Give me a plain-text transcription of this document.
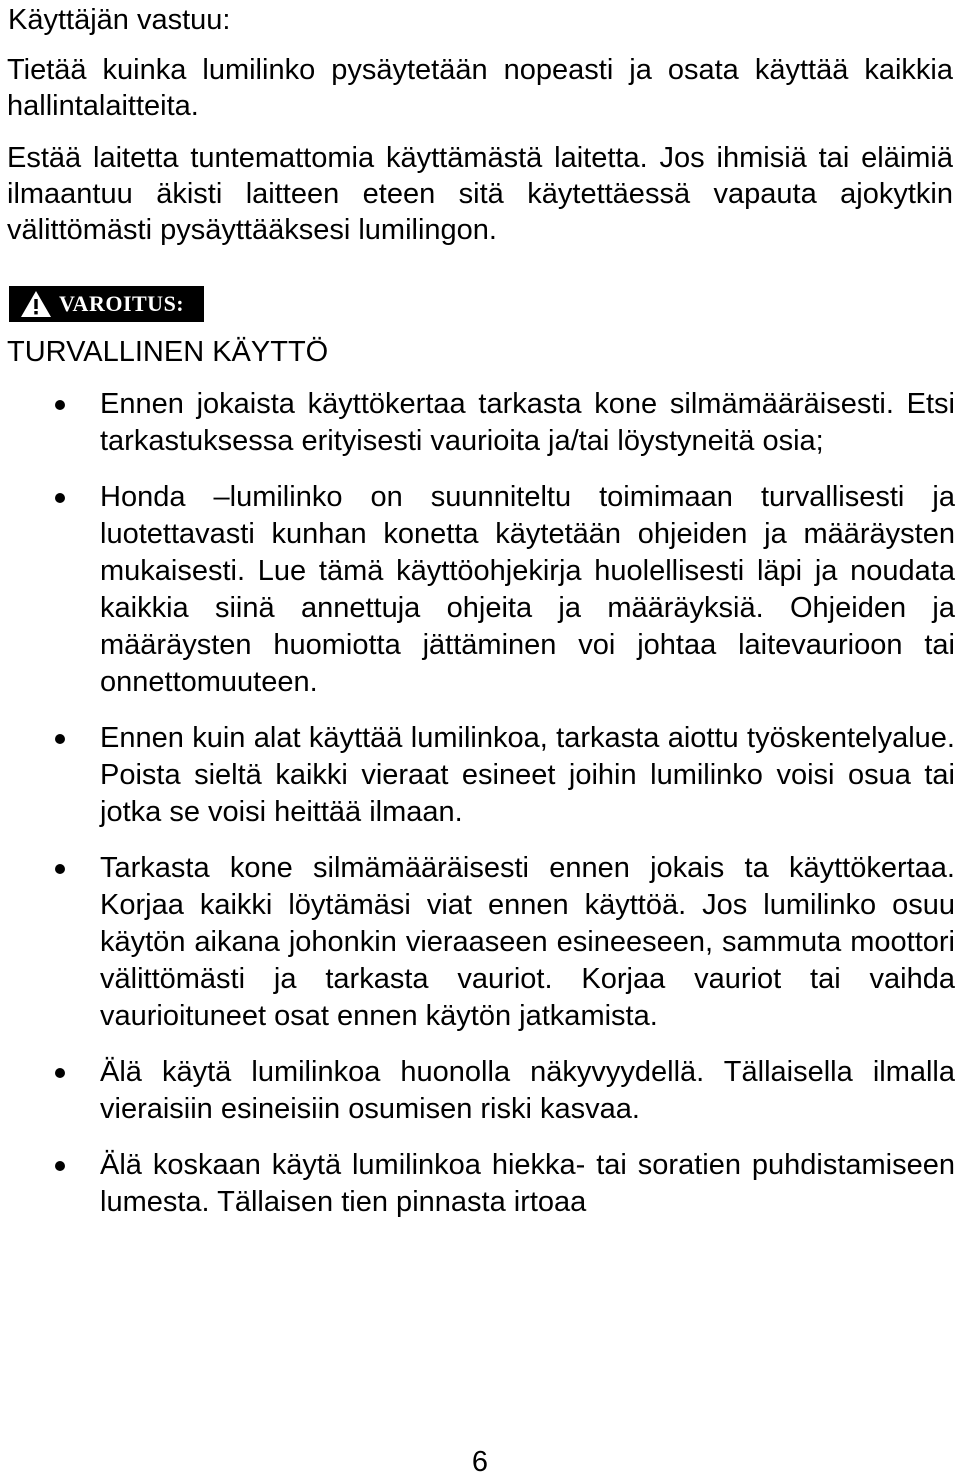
Käyttäjän vastuu:

Tietää kuinka lumilinko pysäytetään nopeasti ja osata käyttää kaikkia hallintalaitteita.

Estää laitetta tuntemattomia käyttämästä laitetta. Jos ihmisiä tai eläimiä ilmaantuu äkisti laitteen eteen sitä käytettäessä vapauta ajokytkin välittömästi pysäyttääksesi lumilingon.

VAROITUS:
TURVALLINEN KÄYTTÖ
Ennen jokaista käyttökertaa tarkasta kone silmämääräisesti. Etsi tarkastuksessa erityisesti vaurioita ja/tai löystyneitä osia;
Honda –lumilinko on suunniteltu toimimaan turvallisesti ja luotettavasti kunhan konetta käytetään ohjeiden ja määräysten mukaisesti. Lue tämä käyttöohjekirja huolellisesti läpi ja noudata kaikkia siinä annettuja ohjeita ja määräyksiä. Ohjeiden ja määräysten huomiotta jättäminen voi johtaa laitevaurioon tai onnettomuuteen.
Ennen kuin alat käyttää lumilinkoa, tarkasta aiottu työskentelyalue. Poista sieltä kaikki vieraat esineet joihin lumilinko voisi osua tai jotka se voisi heittää ilmaan.
Tarkasta kone silmämääräisesti ennen jokais ta käyttökertaa. Korjaa kaikki löytämäsi viat ennen käyttöä. Jos lumilinko osuu käytön aikana johonkin vieraaseen esineeseen, sammuta moottori välittömästi ja tarkasta vauriot. Korjaa vauriot tai vaihda vaurioituneet osat ennen käytön jatkamista.
Älä käytä lumilinkoa huonolla näkyvyydellä. Tällaisella ilmalla vieraisiin esineisiin osumisen riski kasvaa.
Älä koskaan käytä lumilinkoa hiekka- tai soratien puhdistamiseen lumesta. Tällaisen tien pinnasta irtoaa

6
